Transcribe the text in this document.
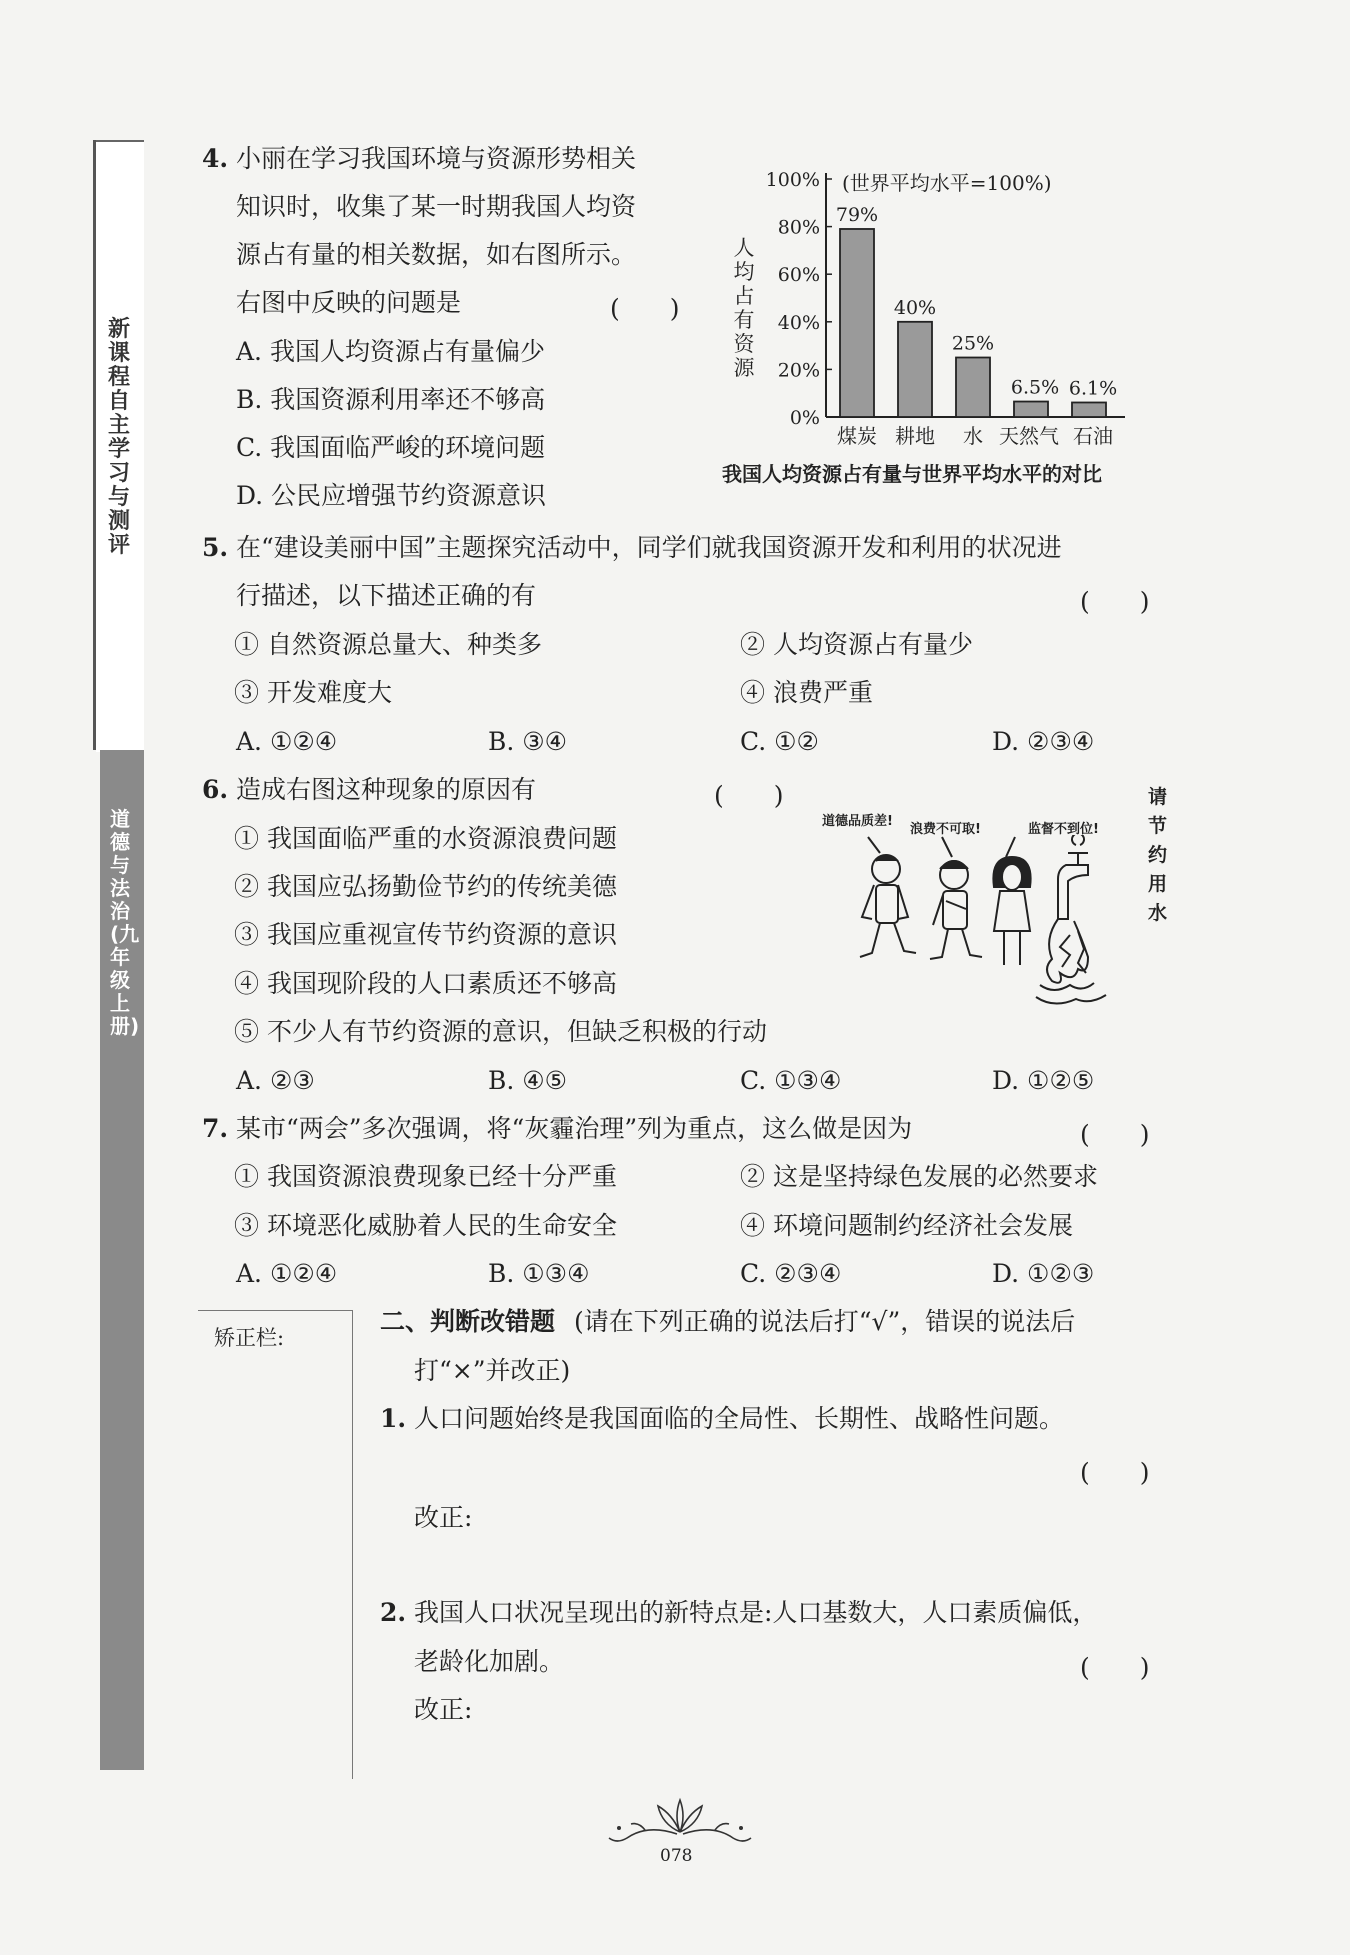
新课程自主学习与测评
道德与法治(九年级上册)
4. 小丽在学习我国环境与资源形势相关
知识时，收集了某一时期我国人均资
源占有量的相关数据，如右图所示。
右图中反映的问题是	(　　)
A. 我国人均资源占有量偏少
B. 我国资源利用率还不够高
C. 我国面临严峻的环境问题
D. 公民应增强节约资源意识
100%
80%
60%
40%
20%
0%
人
均
占
有
资
源
(世界平均水平=100%)
79%
煤炭
40%
耕地
25%
水
6.5%
天然气
6.1%
石油
我国人均资源占有量与世界平均水平的对比
5. 在“建设美丽中国”主题探究活动中，同学们就我国资源开发和利用的状况进
行描述，以下描述正确的有	(　　)
① 自然资源总量大、种类多	② 人均资源占有量少
③ 开发难度大	④ 浪费严重
A. ①②④	B. ③④	C. ①②	D. ②③④
6. 造成右图这种现象的原因有	(　　)
① 我国面临严重的水资源浪费问题
② 我国应弘扬勤俭节约的传统美德
③ 我国应重视宣传节约资源的意识
④ 我国现阶段的人口素质还不够高
⑤ 不少人有节约资源的意识，但缺乏积极的行动
A. ②③	B. ④⑤	C. ①③④	D. ①②⑤
道德品质差!
浪费不可取!	监督不到位!
请
节
约
用
水
7. 某市“两会”多次强调，将“灰霾治理”列为重点，这么做是因为	(　　)
① 我国资源浪费现象已经十分严重	② 这是坚持绿色发展的必然要求
③ 环境恶化威胁着人民的生命安全	④ 环境问题制约经济社会发展
A. ①②④	B. ①③④	C. ②③④	D. ①②③
矫正栏:
二、判断改错题 (请在下列正确的说法后打“√”，错误的说法后
打“×”并改正)
1. 人口问题始终是我国面临的全局性、长期性、战略性问题。
(　　)
改正:
2. 我国人口状况呈现出的新特点是:人口基数大，人口素质偏低，
老龄化加剧。	(　　)
改正:
078
